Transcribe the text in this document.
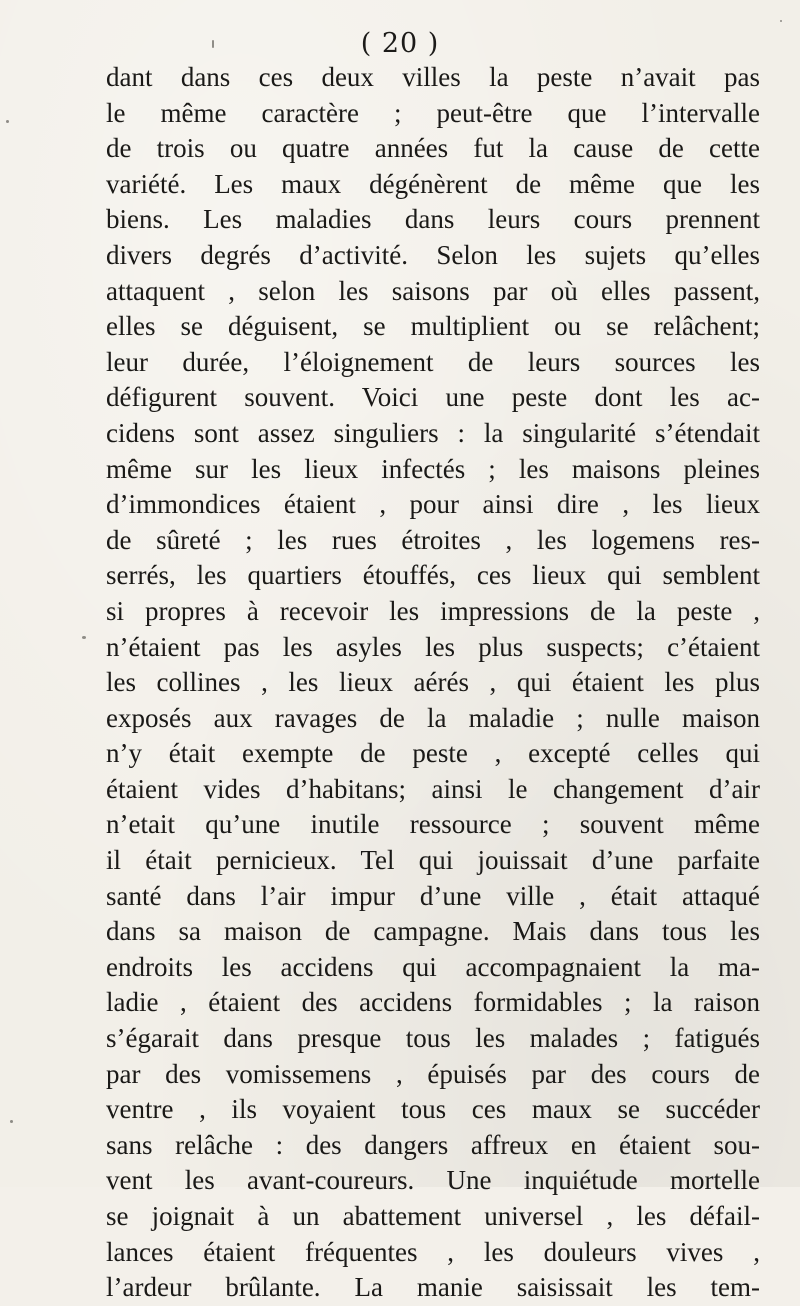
( 20 )
dant dans ces deux villes la peste n’avait pas
le même caractère ; peut-être que l’intervalle
de trois ou quatre années fut la cause de cette
variété. Les maux dégénèrent de même que les
biens. Les maladies dans leurs cours prennent
divers degrés d’activité. Selon les sujets qu’elles
attaquent , selon les saisons par où elles passent,
elles se déguisent, se multiplient ou se relâchent;
leur durée, l’éloignement de leurs sources les
défigurent souvent. Voici une peste dont les ac-
cidens sont assez singuliers : la singularité s’étendait
même sur les lieux infectés ; les maisons pleines
d’immondices étaient , pour ainsi dire , les lieux
de sûreté ; les rues étroites , les logemens res-
serrés, les quartiers étouffés, ces lieux qui semblent
si propres à recevoir les impressions de la peste ,
n’étaient pas les asyles les plus suspects; c’étaient
les collines , les lieux aérés , qui étaient les plus
exposés aux ravages de la maladie ; nulle maison
n’y était exempte de peste , excepté celles qui
étaient vides d’habitans; ainsi le changement d’air
n’etait qu’une inutile ressource ; souvent même
il était pernicieux. Tel qui jouissait d’une parfaite
santé dans l’air impur d’une ville , était attaqué
dans sa maison de campagne. Mais dans tous les
endroits les accidens qui accompagnaient la ma-
ladie , étaient des accidens formidables ; la raison
s’égarait dans presque tous les malades ; fatigués
par des vomissemens , épuisés par des cours de
ventre , ils voyaient tous ces maux se succéder
sans relâche : des dangers affreux en étaient sou-
vent les avant-coureurs. Une inquiétude mortelle
se joignait à un abattement universel , les défail-
lances étaient fréquentes , les douleurs vives ,
l’ardeur brûlante. La manie saisissait les tem-
